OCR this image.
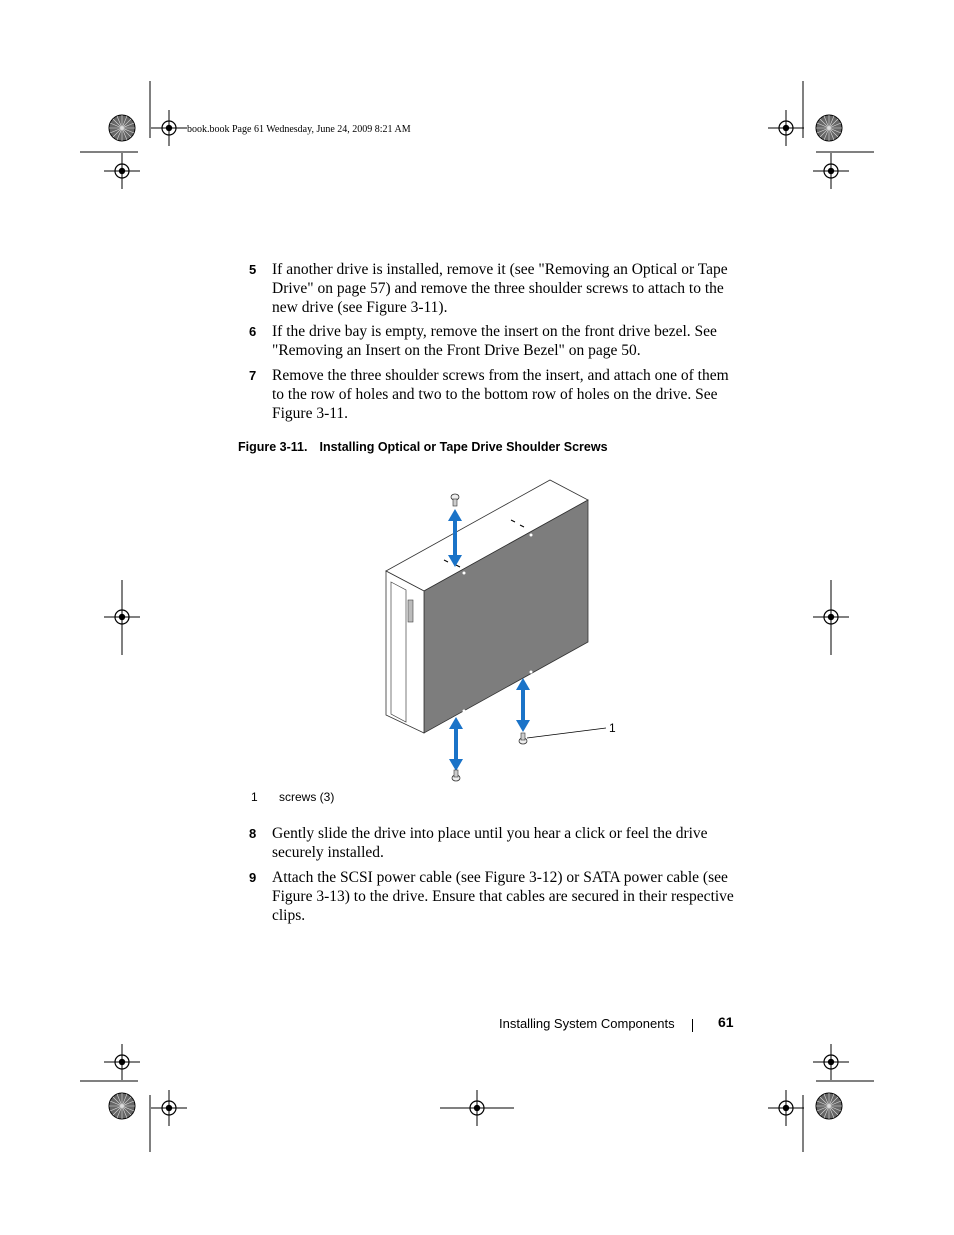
book.book Page 61 Wednesday, June 24, 2009 8:21 AM
5 If another drive is installed, remove it (see "Removing an Optical or Tape Drive" on page 57) and remove the three shoulder screws to attach to the new drive (see Figure 3-11).
6 If the drive bay is empty, remove the insert on the front drive bezel. See "Removing an Insert on the Front Drive Bezel" on page 50.
7 Remove the three shoulder screws from the insert, and attach one of them to the row of holes and two to the bottom row of holes on the drive. See Figure 3-11.
Figure 3-11. Installing Optical or Tape Drive Shoulder Screws
1
1 screws (3)
8 Gently slide the drive into place until you hear a click or feel the drive securely installed.
9 Attach the SCSI power cable (see Figure 3-12) or SATA power cable (see Figure 3-13) to the drive. Ensure that cables are secured in their respective clips.
Installing System Components	61
